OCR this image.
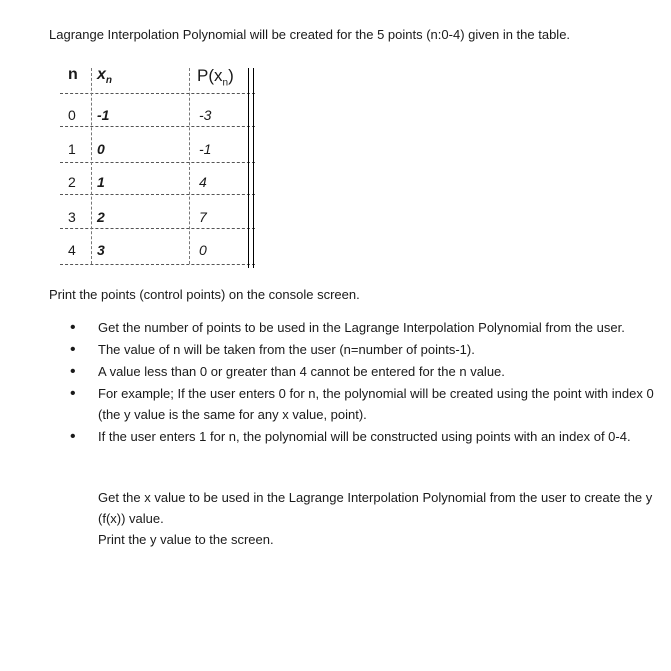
Lagrange Interpolation Polynomial will be created for the 5 points (n:0-4) given in the table.
n $x_n$	$P(x_n)$
0 -1	-3
1 0	-1
2 1	4
3 2	7
4 3	0
Print the points (control points) on the console screen.
• Get the number of points to be used in the Lagrange Interpolation Polynomial from the user.
• The value of n will be taken from the user (n=number of points-1).
• A value less than 0 or greater than 4 cannot be entered for the n value.
• For example; If the user enters 0 for n, the polynomial will be created using the point with index 0 (the y value is the same for any x value, point).
• If the user enters 1 for n, the polynomial will be constructed using points with an index of 0-4.
Get the x value to be used in the Lagrange Interpolation Polynomial from the user to create the y (f(x)) value.
Print the y value to the screen.
